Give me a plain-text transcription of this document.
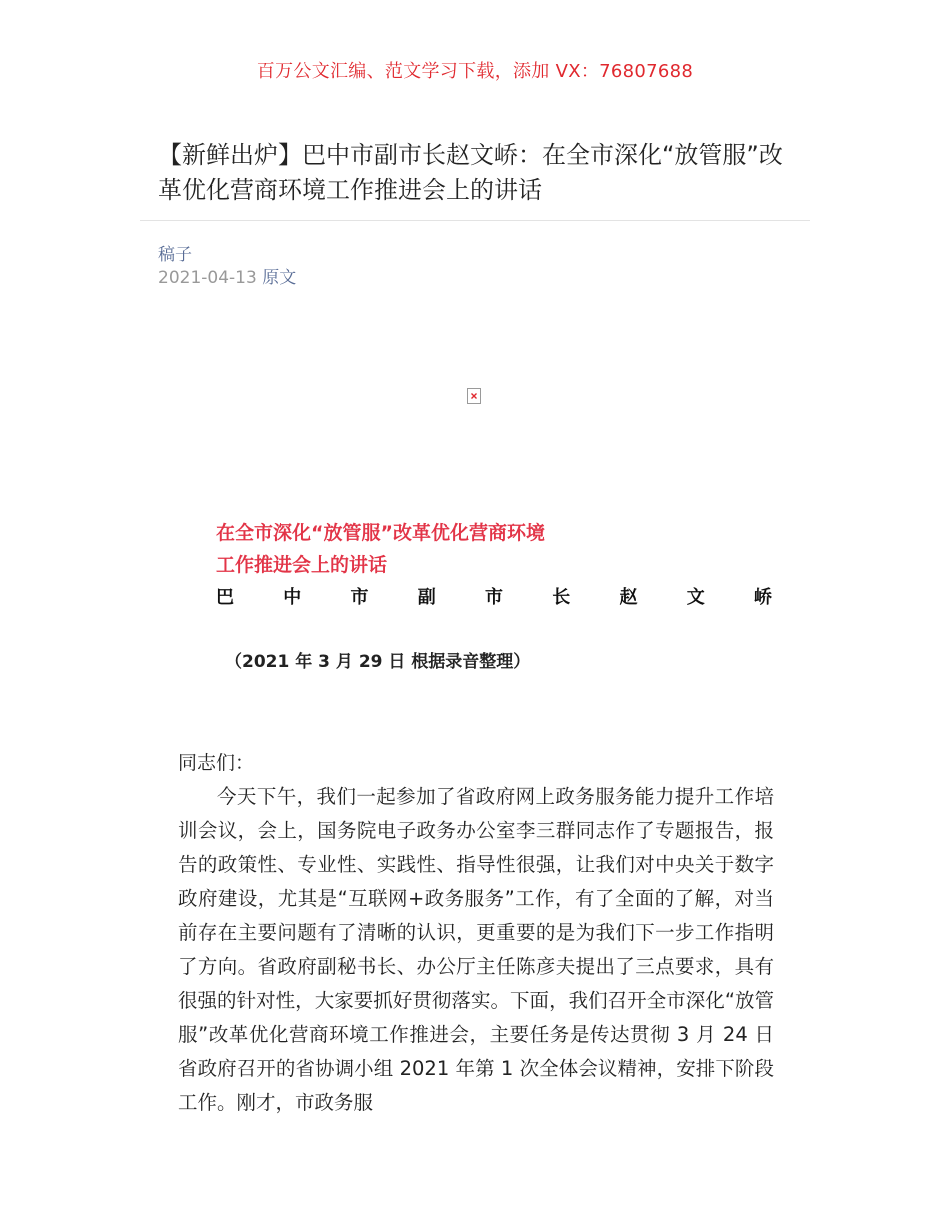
百万公文汇编、范文学习下载，添加 VX：76807688
【新鲜出炉】巴中市副市长赵文峤：在全市深化“放管服”改革优化营商环境工作推进会上的讲话
稿子
2021-04-13 原文
在全市深化“放管服”改革优化营商环境
工作推进会上的讲话
巴	中	市	副	市	长	赵	文	峤
（2021 年 3 月 29 日 根据录音整理）
同志们：

今天下午，我们一起参加了省政府网上政务服务能力提升工作培训会议，会上，国务院电子政务办公室李三群同志作了专题报告，报告的政策性、专业性、实践性、指导性很强，让我们对中央关于数字政府建设，尤其是“互联网+政务服务”工作，有了全面的了解，对当前存在主要问题有了清晰的认识，更重要的是为我们下一步工作指明了方向。省政府副秘书长、办公厅主任陈彦夫提出了三点要求，具有很强的针对性，大家要抓好贯彻落实。下面，我们召开全市深化“放管服”改革优化营商环境工作推进会，主要任务是传达贯彻 3 月 24 日省政府召开的省协调小组 2021 年第 1 次全体会议精神，安排下阶段工作。刚才，市政务服
